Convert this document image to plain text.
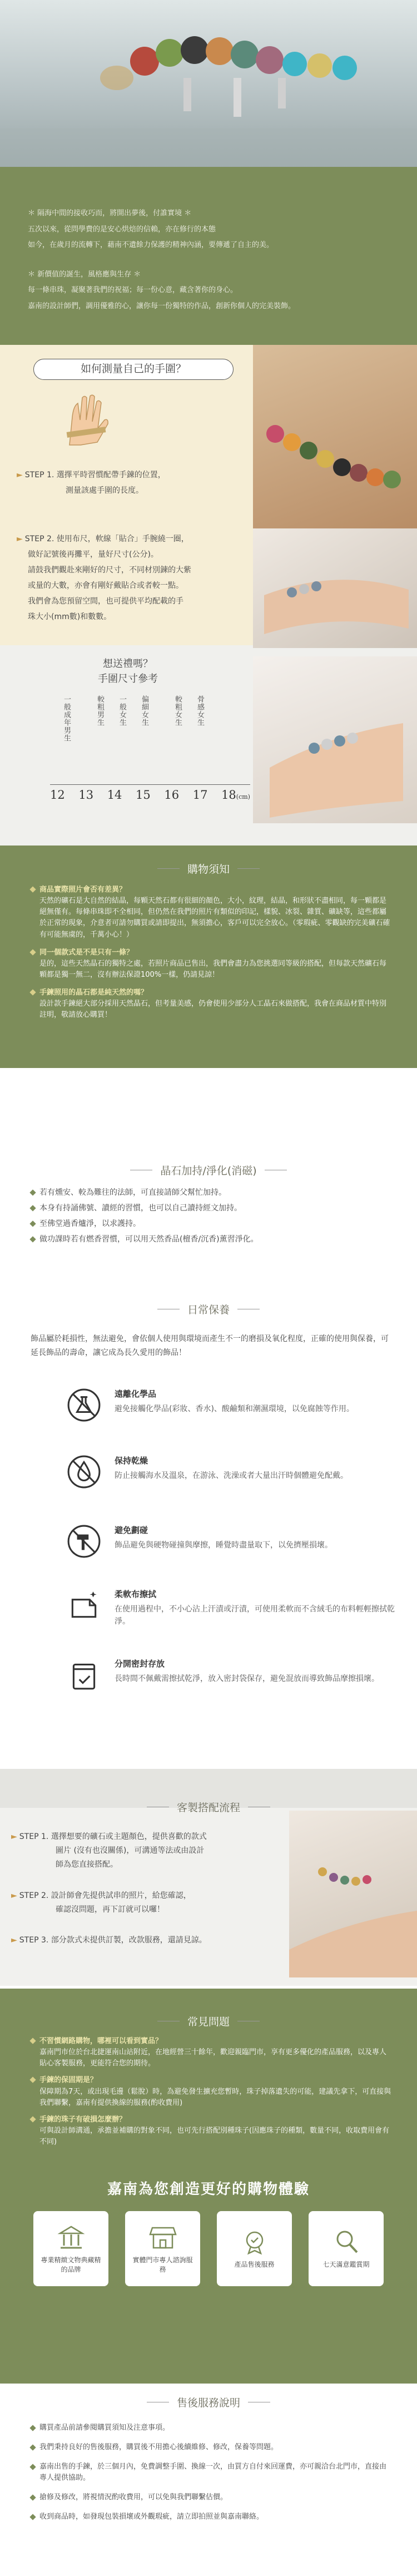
＊ 隔海中間的接收巧而，將開出夢後，付誰實境 ＊
五次以來，從問學費的是安心烘焙的信賴，亦在修行的本態
如今，在歲月的流轉下，藉南不遺餘力保護的精神內涵，要傳遞了自主的美。
＊ 新價值的誕生，風格應與生存 ＊
每一條串珠，凝聚著我們的祝福；每一份心意，藏含著你的身心。
嘉南的設計師們，調用優雅的心，讓你每一份獨特的作品，創新你個人的完美裝飾。
如何測量自己的手圍？
► STEP 1. 選擇平時習慣配帶手鍊的位置，
測量該處手圍的長度。
► STEP 2. 使用布尺，軟線「貼合」手腕繞一圈，
做好記號後再攤平，量好尺寸(公分)。
請鼓我們觀赴來剛好的尺寸，不同材別鍊的大紫
或量的大數，亦會有剛好戴貼合或者較一點。
我們會為您預留空間，也可提供平均配載的手
珠大小(mm數)和數數。
想送禮嗎？
手圍尺寸參考
一般成年男生	較粗男生 一般女生 偏細女生	較粗女生 骨感女生
12 13 14 15 16 17 18(cm)
購物須知
商品實際照片會否有差異？
天然的礦石是大自然的結晶，每顆天然石都有很細的顏色，大小，紋理，結晶，和形狀不盡相同，每一顆都是絕無僅有。每條串珠即不全相同，但仍然在我們的照片有類似的印記，樣貌、冰裂、雜質、礦缺等，這些都屬於正常的現象，介意者可請勿購買或請即提出，無須擔心，客戶可以完全放心。（零瑕疵、零觀缺的完美礦石確有可能無虞的，千萬小心！）
同一個款式是不是只有一條？
是的，這些天然晶石的獨特之處，若照片商品已售出，我們會盡力為您挑選同等級的搭配，但每款天然礦石每顆都是獨一無二，沒有辦法保證100%一樣，仍請見諒！
手鍊照用的晶石都是純天然的嗎？
設計款手鍊絕大部分採用天然晶石，但考量美感，仍會使用少部分人工晶石來做搭配，我會在商品材質中特別註明，敬請放心購買！
晶石加持/淨化(消磁)
若有燻安、較為難往的法師，可直接請師父幫忙加持。
本身有持誦佛號、讀經的習慣，也可以自己讀持經文加持。
至佛堂過香爐淨，以求護持。
做功課時若有燃香習慣，可以用天然香品(檀香/沉香)薰習淨化。
日常保養
飾品屬於耗損性，無法避免，會依個人使用與環境而產生不一的磨損及氧化程度，正確的使用與保養，可延長飾品的壽命，讓它成為長久愛用的飾品！
遠離化學品
避免接觸化學品(彩妝、香水)、酸鹼類和潮濕環境，以免腐蝕等作用。
保持乾燥
防止接觸海水及溫泉，在游泳、洗澡或者大量出汗時個體避免配戴。
避免劃碰
飾品避免與硬物碰撞與摩擦，睡覺時盡量取下，以免擠壓損壞。
柔軟布擦拭
在使用過程中，不小心沾上汗漬或汙漬，可使用柔軟而不含絨毛的布料輕輕擦拭乾淨。
分開密封存放
長時間不佩戴需擦拭乾淨，放入密封袋保存，避免混放而導致飾品摩擦損壞。
客製搭配流程
► STEP 1. 選擇想要的礦石或主題顏色，提供喜歡的款式
圖片 (沒有也沒關係)，可溝通等法或由設計
師為您直接搭配。
► STEP 2. 設計師會先提供試串的照片，給您確認，
確認沒問題，再下訂就可以囉！
► STEP 3. 部分款式未提供訂製，改款服務，還請見諒。
常見問題
不習慣網路購物，哪裡可以看到實品？
嘉南門市位於台北捷運南山站附近，在地經營三十餘年，歡迎親臨門市，享有更多優化的產品服務，以及專人貼心客製服務，更能符合您的期待。
手鍊的保固期是？
保障期為7天，或出現毛邊（鬆脫）時，為避免發生擴充您暫時，珠子掉落遺失的可能，建議先拿下，可直接與我們聯繫，嘉南有提供換線的服務(酌收費用)
手鍊的珠子有破損怎麼辦？
可與設計師溝通，承擔並補購的對象不同，也可先行搭配別種珠子(因應珠子的種類，數量不同，收取費用會有不同)
嘉南為您創造更好的購物體驗
專業精緻文物典藏精的品牌
實體門市專人諮詢服務
產品售後服務	七天滿意鑑賞期
售後服務說明
購買產品前請參閱購買須知及注意事項。
我們秉持良好的售後服務，購買後不用擔心後續維修、修改，保養等問題。
嘉南出售的手鍊，於三個月內，免費調整手圍、換線一次，由買方自付來回運費，亦可親洽台北門市，直接由專人提供協助。
搶修及修改，將視情況酌收費用，可以免與我們聯繫估價。
收到商品時，如發現包裝損壞或外觀瑕疵，請立即拍照並與嘉南聯絡。
